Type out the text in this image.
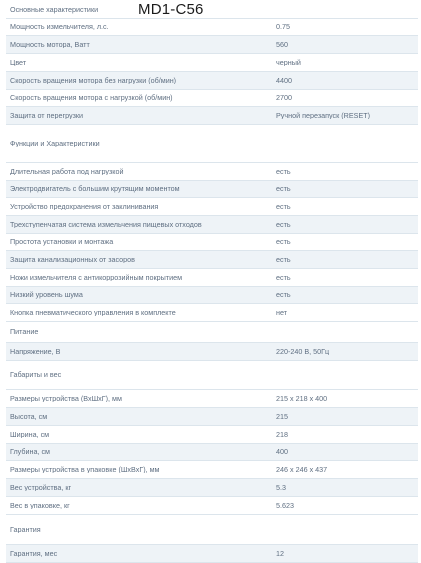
MD1-C56
Основные характеристики
Мощность измельчителя, л.с.	0.75
Мощность мотора, Ватт	560
Цвет	черный
Скорость вращения мотора без нагрузки (об/мин)	4400
Скорость вращения мотора с нагрузкой (об/мин)	2700
Защита от перегрузки	Ручной перезапуск (RESET)
Функции и Характеристики
Длительная работа под нагрузкой	есть
Электродвигатель с большим крутящим моментом	есть
Устройство предохранения от заклинивания	есть
Трехступенчатая система измельчения пищевых отходов	есть
Простота установки и монтажа	есть
Защита канализационных от засоров	есть
Ножи измельчителя с антикоррозийным покрытием	есть
Низкий уровень шума	есть
Кнопка пневматического управления в комплекте	нет
Питание
Напряжение, В	220-240 В, 50Гц
Габариты и вес
Размеры устройства (ВхШхГ), мм	215 x 218 x 400
Высота, см	215
Ширина, см	218
Глубина, см	400
Размеры устройства в упаковке (ШхВхГ), мм	246 x 246 x 437
Вес устройства, кг	5.3
Вес в упаковке, кг	5.623
Гарантия
Гарантия, мес	12
